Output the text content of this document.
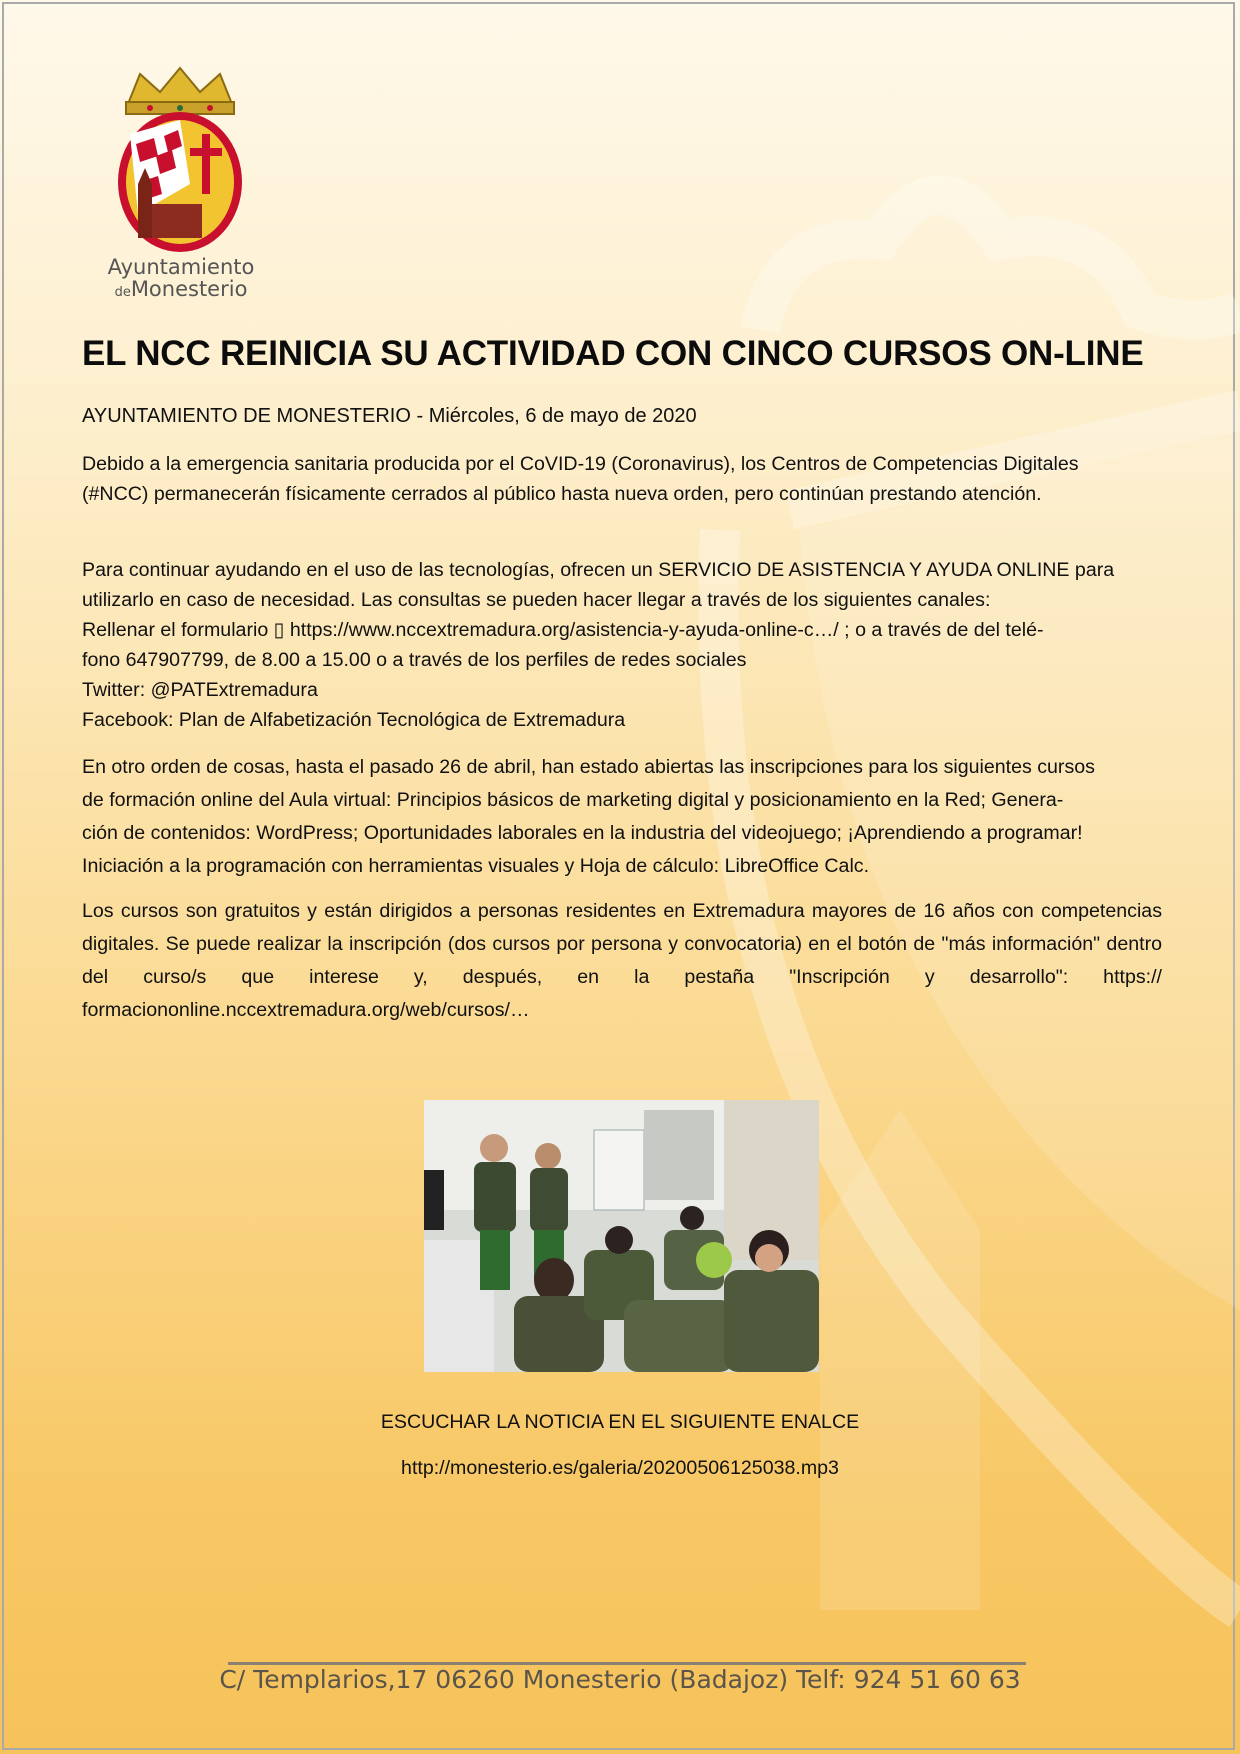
Ayuntamiento
deMonesterio
EL NCC REINICIA SU ACTIVIDAD CON CINCO CURSOS ON-LINE
AYUNTAMIENTO DE MONESTERIO - Miércoles, 6 de mayo de 2020

Debido a la emergencia sanitaria producida por el CoVID-19 (Coronavirus), los Centros de Competencias Digitales
(#NCC) permanecerán físicamente cerrados al público hasta nueva orden, pero continúan prestando atención.

Para continuar ayudando en el uso de las tecnologías, ofrecen un SERVICIO DE ASISTENCIA Y AYUDA ONLINE para
utilizarlo en caso de necesidad. Las consultas se pueden hacer llegar a través de los siguientes canales:
Rellenar el formulario ▯ https://www.nccextremadura.org/asistencia-y-ayuda-online-c…/ ; o a través de del telé-
fono 647907799, de 8.00 a 15.00 o a través de los perfiles de redes sociales
Twitter: @PATExtremadura
Facebook: Plan de Alfabetización Tecnológica de Extremadura

En otro orden de cosas, hasta el pasado 26 de abril, han estado abiertas las inscripciones para los siguientes cursos
de formación online del Aula virtual: Principios básicos de marketing digital y posicionamiento en la Red; Genera-
ción de contenidos: WordPress; Oportunidades laborales en la industria del videojuego; ¡Aprendiendo a programar!
Iniciación a la programación con herramientas visuales y Hoja de cálculo: LibreOffice Calc.

Los cursos son gratuitos y están dirigidos a personas residentes en Extremadura mayores de 16 años con competencias digitales. Se puede realizar la inscripción (dos cursos por persona y convocatoria) en el botón de "más información" dentro del curso/s que interese y, después, en la pestaña "Inscripción y desarrollo": https://​formaciononline.nccextremadura.org/web/cursos/…

ESCUCHAR LA NOTICIA EN EL SIGUIENTE ENALCE
http://monesterio.es/galeria/20200506125038.mp3
C/ Templarios,17 06260 Monesterio (Badajoz) Telf: 924 51 60 63
